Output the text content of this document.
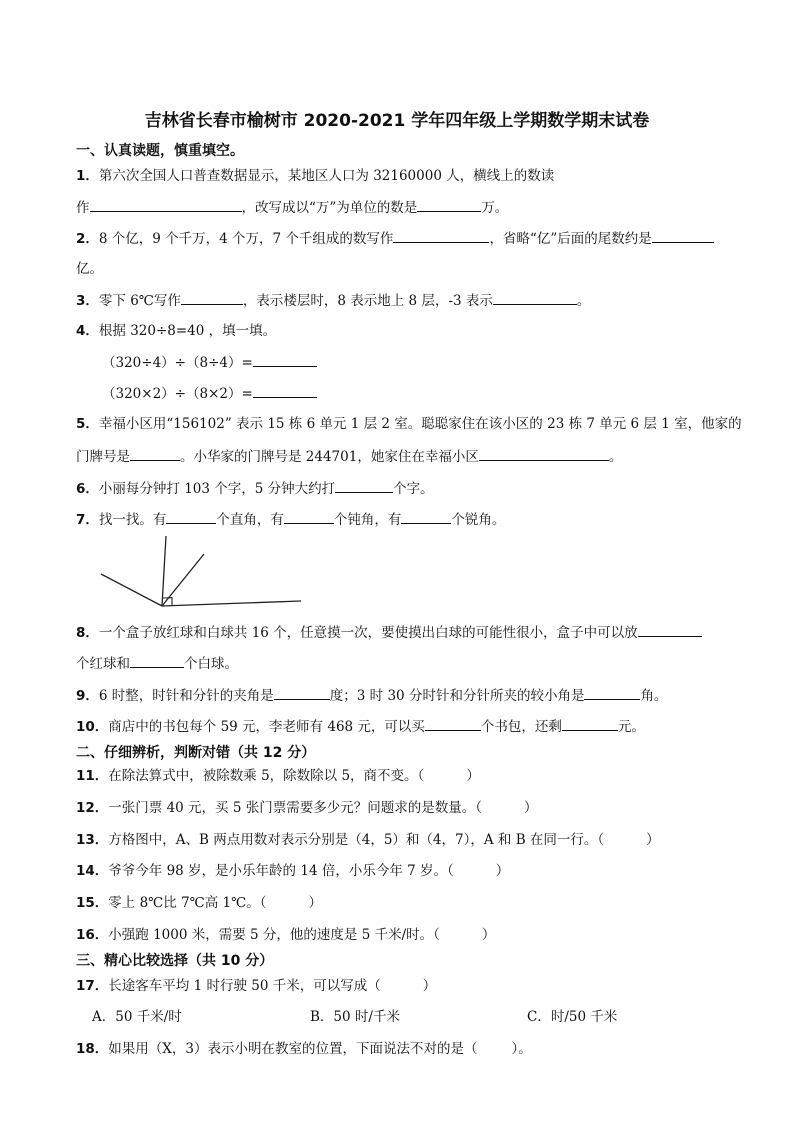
吉林省长春市榆树市 2020-2021 学年四年级上学期数学期末试卷
一、认真读题，慎重填空。
1．第六次全国人口普查数据显示，某地区人口为 32160000 人，横线上的数读
作	，改写成以“万”为单位的数是	万。
2．8 个亿，9 个千万，4 个万，7 个千组成的数写作	，省略“亿”后面的尾数约是
亿。
3．零下 6℃写作	，表示楼层时，8 表示地上 8 层，-3 表示	。
4．根据 320÷8=40 ，填一填。
（320÷4）÷（8÷4）=
（320×2）÷（8×2）=
5．幸福小区用“156102” 表示 15 栋 6 单元 1 层 2 室。聪聪家住在该小区的 23 栋 7 单元 6 层 1 室，他家的
门牌号是	。小华家的门牌号是 244701，她家住在幸福小区	。
6．小丽每分钟打 103 个字，5 分钟大约打	个字。
7．找一找。有	个直角，有	个钝角，有	个锐角。
8．一个盒子放红球和白球共 16 个，任意摸一次，要使摸出白球的可能性很小，盒子中可以放
个红球和	个白球。
9．6 时整，时针和分针的夹角是	度；3 时 30 分时针和分针所夹的较小角是	角。
10．商店中的书包每个 59 元，李老师有 468 元，可以买	个书包，还剩	元。
二、仔细辨析，判断对错（共 12 分）
11．在除法算式中，被除数乘 5，除数除以 5，商不变。（	）
12．一张门票 40 元，买 5 张门票需要多少元？问题求的是数量。（	）
13．方格图中，A、B 两点用数对表示分别是（4，5）和（4，7），A 和 B 在同一行。（	）
14．爷爷今年 98 岁，是小乐年龄的 14 倍，小乐今年 7 岁。（	）
15．零上 8℃比 7℃高 1℃。（	）
16．小强跑 1000 米，需要 5 分，他的速度是 5 千米/时。（	）
三、精心比较选择（共 10 分）
17．长途客车平均 1 时行驶 50 千米，可以写成（	）
A．50 千米/时	B．50 时/千米	C．时/50 千米
18．如果用（X，3）表示小明在教室的位置，下面说法不对的是（	）。
